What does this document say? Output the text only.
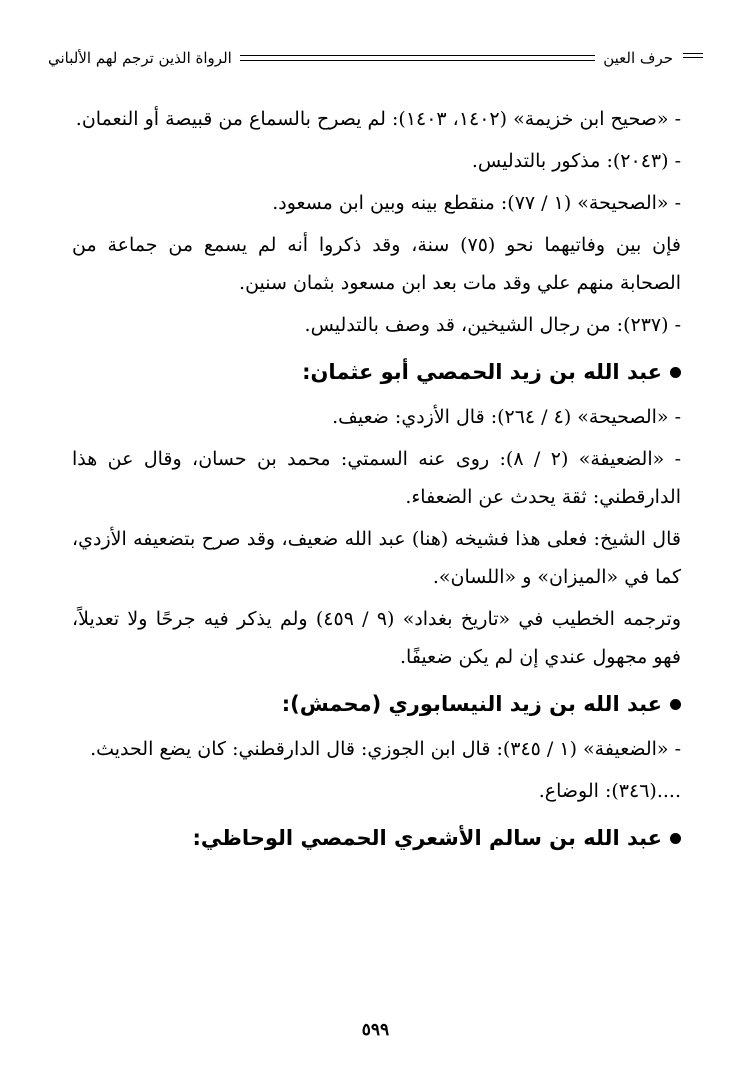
حرف العين
الرواة الذين ترجم لهم الألباني

- «صحيح ابن خزيمة» (١٤٠٢، ١٤٠٣): لم يصرح بالسماع من قبيصة أو النعمان.

- (٢٠٤٣): مذكور بالتدليس.

- «الصحيحة» (١ / ٧٧): منقطع بينه وبين ابن مسعود.

فإن بين وفاتيهما نحو (٧٥) سنة، وقد ذكروا أنه لم يسمع من جماعة من الصحابة منهم علي وقد مات بعد ابن مسعود بثمان سنين.

- (٢٣٧): من رجال الشيخين، قد وصف بالتدليس.

عبد الله بن زيد الحمصي أبو عثمان:

- «الصحيحة» (٤ / ٢٦٤): قال الأزدي: ضعيف.

- «الضعيفة» (٢ / ٨): روى عنه السمتي: محمد بن حسان، وقال عن هذا الدارقطني: ثقة يحدث عن الضعفاء.

قال الشيخ: فعلى هذا فشيخه (هنا) عبد الله ضعيف، وقد صرح بتضعيفه الأزدي، كما في «الميزان» و «اللسان».

وترجمه الخطيب في «تاريخ بغداد» (٩ / ٤٥٩) ولم يذكر فيه جرحًا ولا تعديلاً، فهو مجهول عندي إن لم يكن ضعيفًا.

عبد الله بن زيد النيسابوري (محمش):

- «الضعيفة» (١ / ٣٤٥): قال ابن الجوزي: قال الدارقطني: كان يضع الحديث.

....(٣٤٦): الوضاع.

عبد الله بن سالم الأشعري الحمصي الوحاظي:
٥٩٩
